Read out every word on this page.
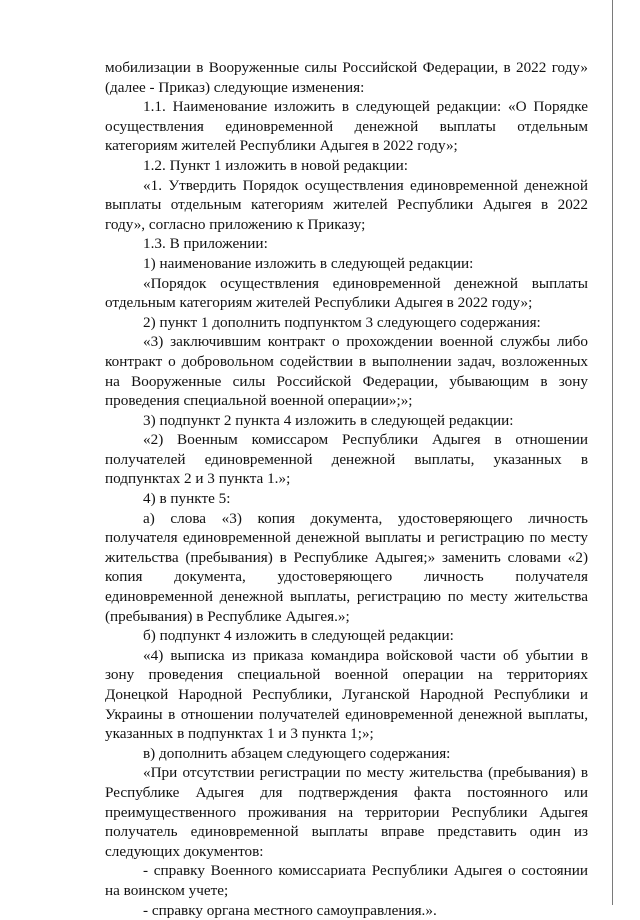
мобилизации в Вооруженные силы Российской Федерации, в 2022 году» (далее - Приказ) следующие изменения:

1.1. Наименование изложить в следующей редакции: «О Порядке осуществления единовременной денежной выплаты отдельным категориям жителей Республики Адыгея в 2022 году»;

1.2. Пункт 1 изложить в новой редакции:

«1. Утвердить Порядок осуществления единовременной денежной выплаты отдельным категориям жителей Республики Адыгея в 2022 году», согласно приложению к Приказу;

1.3. В приложении:

1) наименование изложить в следующей редакции:

«Порядок осуществления единовременной денежной выплаты отдельным категориям жителей Республики Адыгея в 2022 году»;

2) пункт 1 дополнить подпунктом 3 следующего содержания:

«3) заключившим контракт о прохождении военной службы либо контракт о добровольном содействии в выполнении задач, возложенных на Вооруженные силы Российской Федерации, убывающим в зону проведения специальной военной операции»;»;

3) подпункт 2 пункта 4 изложить в следующей редакции:

«2) Военным комиссаром Республики Адыгея в отношении получателей единовременной денежной выплаты, указанных в подпунктах 2 и 3 пункта 1.»;

4) в пункте 5:

а) слова «3) копия документа, удостоверяющего личность получателя единовременной денежной выплаты и регистрацию по месту жительства (пребывания) в Республике Адыгея;» заменить словами «2) копия документа, удостоверяющего личность получателя единовременной денежной выплаты, регистрацию по месту жительства (пребывания) в Республике Адыгея.»;

б) подпункт 4 изложить в следующей редакции:

«4) выписка из приказа командира войсковой части об убытии в зону проведения специальной военной операции на территориях Донецкой Народной Республики, Луганской Народной Республики и Украины в отношении получателей единовременной денежной выплаты, указанных в подпунктах 1 и 3 пункта 1;»;

в) дополнить абзацем следующего содержания:

«При отсутствии регистрации по месту жительства (пребывания) в Республике Адыгея для подтверждения факта постоянного или преимущественного проживания на территории Республики Адыгея получатель единовременной выплаты вправе представить один из следующих документов:

- справку Военного комиссариата Республики Адыгея о состоянии на воинском учете;

- справку органа местного самоуправления.».
